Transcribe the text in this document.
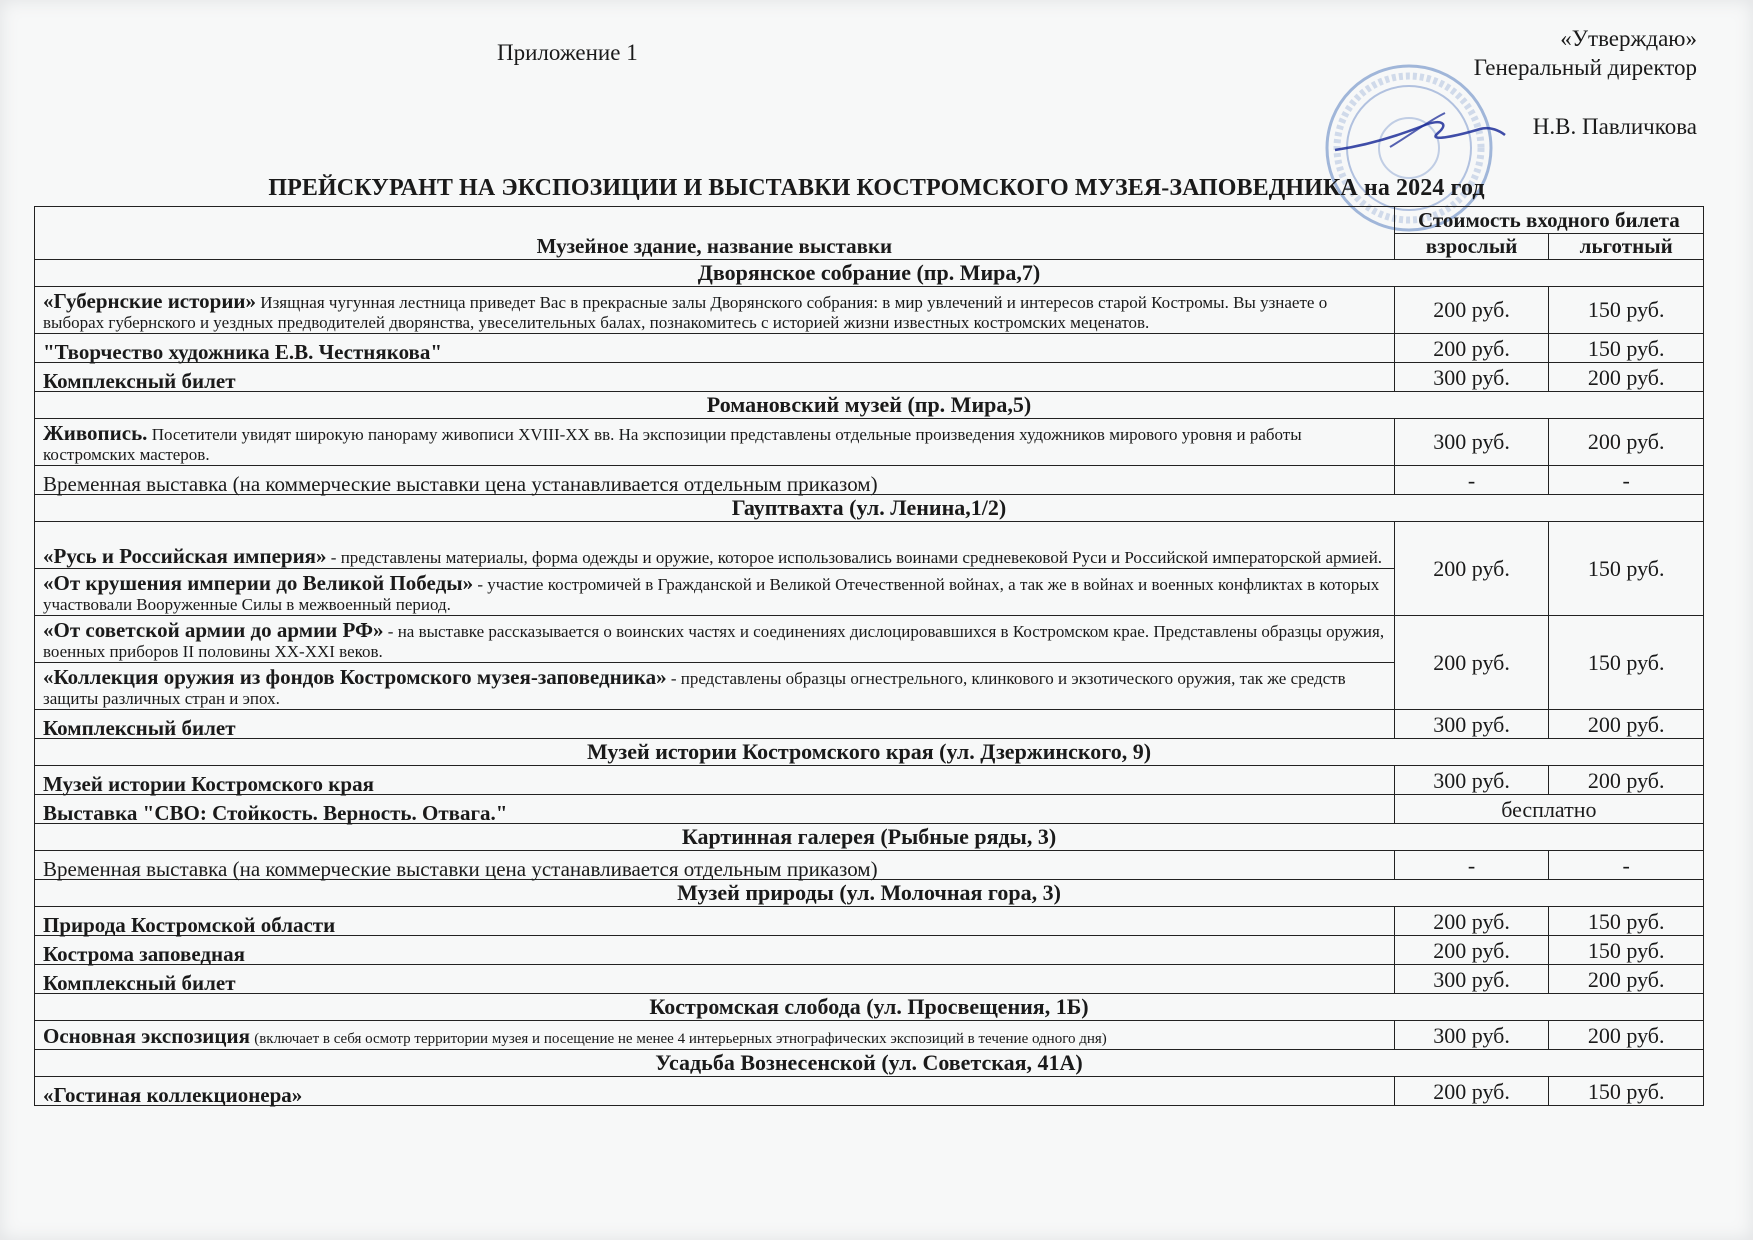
Приложение 1
«Утверждаю»
Генеральный директор
Н.В. Павличкова
ПРЕЙСКУРАНТ НА ЭКСПОЗИЦИИ И ВЫСТАВКИ КОСТРОМСКОГО МУЗЕЯ-ЗАПОВЕДНИКА на 2024 год
Музейное здание, название выставки	Стоимость входного билета	
	взрослый	льготный
Дворянское собрание (пр. Мира,7)		
«Губернские истории» Изящная чугунная лестница приведет Вас в прекрасные залы Дворянского собрания: в мир увлечений и интересов старой Костромы. Вы узнаете о выборах губернского и уездных предводителей дворянства, увеселительных балах, познакомитесь с историей жизни известных костромских меценатов.	200 руб.	150 руб.
"Творчество художника Е.В. Честнякова"	200 руб.	150 руб.
Комплексный билет	300 руб.	200 руб.
Романовский музей (пр. Мира,5)		
Живопись. Посетители увидят широкую панораму живописи XVIII-XX вв. На экспозиции представлены отдельные произведения художников мирового уровня и работы костромских мастеров.	300 руб.	200 руб.
Временная выставка (на коммерческие выставки цена устанавливается отдельным приказом)	-	-
Гауптвахта (ул. Ленина,1/2)		
«Русь и Российская империя» - представлены материалы, форма одежды и оружие, которое использовались воинами средневековой Руси и Российской императорской армией.	200 руб.	150 руб.
«От крушения империи до Великой Победы» - участие костромичей в Гражданской и Великой Отечественной войнах, а так же в войнах и военных конфликтах в которых участвовали Вооруженные Силы в межвоенный период.		
«От советской армии до армии РФ» - на выставке рассказывается о воинских частях и соединениях дислоцировавшихся в Костромском крае. Представлены образцы оружия, военных приборов II половины XX-XXI веков.	200 руб.	150 руб.
«Коллекция оружия из фондов Костромского музея-заповедника» - представлены образцы огнестрельного, клинкового и экзотического оружия, так же средств защиты различных стран и эпох.		
Комплексный билет	300 руб.	200 руб.
Музей истории Костромского края (ул. Дзержинского, 9)		
Музей истории Костромского края	300 руб.	200 руб.
Выставка "СВО: Стойкость. Верность. Отвага."	бесплатно	
Картинная галерея (Рыбные ряды, 3)		
Временная выставка (на коммерческие выставки цена устанавливается отдельным приказом)	-	-
Музей природы (ул. Молочная гора, 3)		
Природа Костромской области	200 руб.	150 руб.
Кострома заповедная	200 руб.	150 руб.
Комплексный билет	300 руб.	200 руб.
Костромская слобода (ул. Просвещения, 1Б)		
Основная экспозиция (включает в себя осмотр территории музея и посещение не менее 4 интерьерных этнографических экспозиций в течение одного дня)	300 руб.	200 руб.
Усадьба Вознесенской (ул. Советская, 41А)		
«Гостиная коллекционера»	200 руб.	150 руб.
